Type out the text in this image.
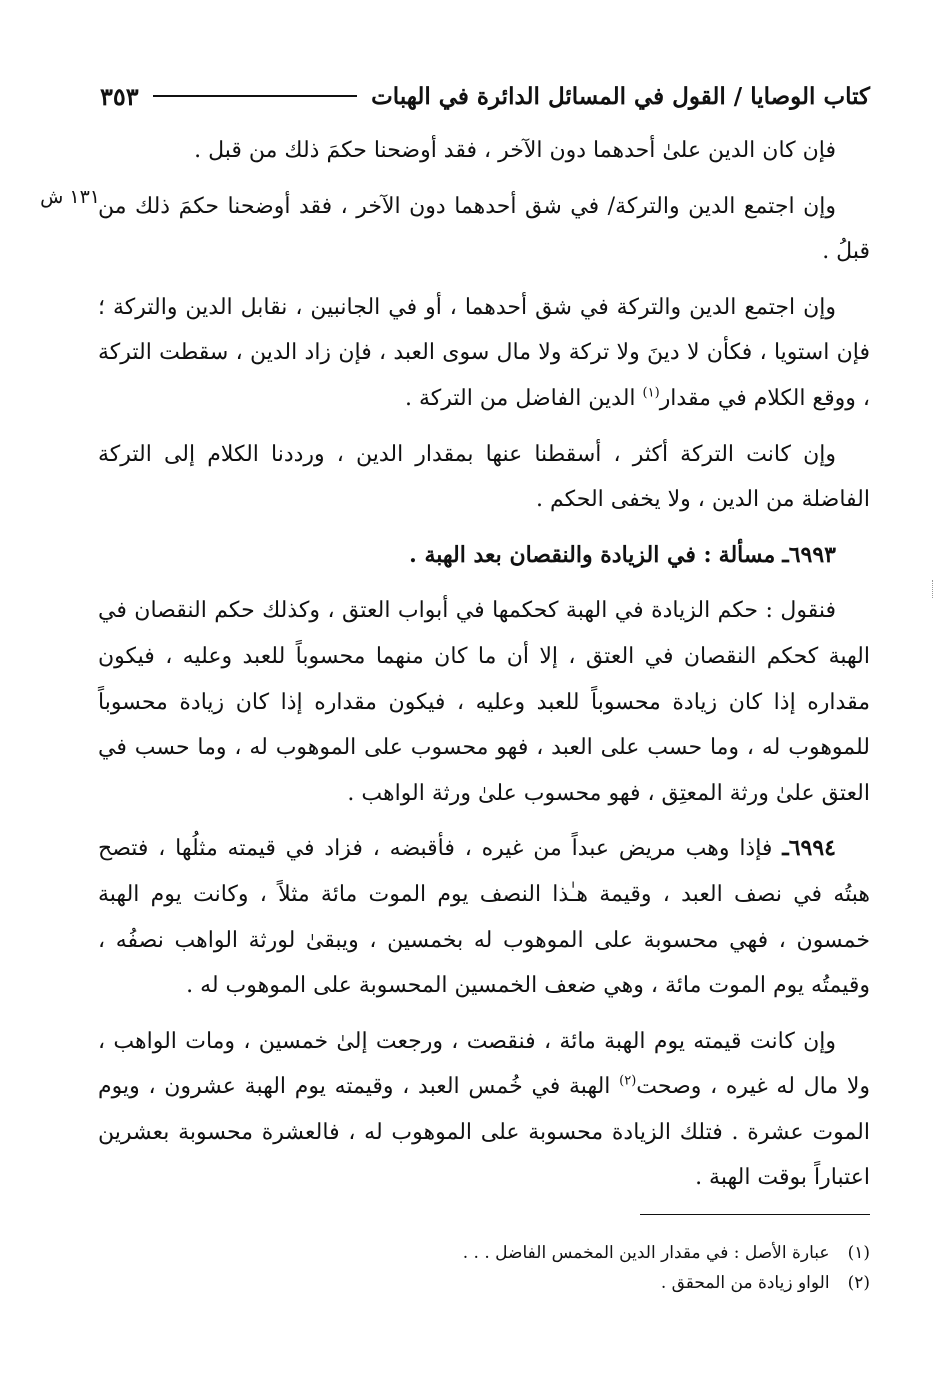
كتاب الوصايا / القول في المسائل الدائرة في الهبات
٣٥٣
١٣١ ش

فإن كان الدين علىٰ أحدهما دون الآخر ، فقد أوضحنا حكمَ ذلك من قبل .

وإن اجتمع الدين والتركة/ في شق أحدهما دون الآخر ، فقد أوضحنا حكمَ ذلك من قبلُ .

وإن اجتمع الدين والتركة في شق أحدهما ، أو في الجانبين ، نقابل الدين والتركة ؛ فإن استويا ، فكأن لا دينَ ولا تركة ولا مال سوى العبد ، فإن زاد الدين ، سقطت التركة ، ووقع الكلام في مقدار$^{(١)}$ الدين الفاضل من التركة .

وإن كانت التركة أكثر ، أسقطنا عنها بمقدار الدين ، ورددنا الكلام إلى التركة الفاضلة من الدين ، ولا يخفى الحكم .

٦٩٩٣ـ مسألة : في الزيادة والنقصان بعد الهبة .

فنقول : حكم الزيادة في الهبة كحكمها في أبواب العتق ، وكذلك حكم النقصان في الهبة كحكم النقصان في العتق ، إلا أن ما كان منهما محسوباً للعبد وعليه ، فيكون مقداره إذا كان زيادة محسوباً للعبد وعليه ، فيكون مقداره إذا كان زيادة محسوباً للموهوب له ، وما حسب على العبد ، فهو محسوب على الموهوب له ، وما حسب في العتق علىٰ ورثة المعتِق ، فهو محسوب علىٰ ورثة الواهب .

٦٩٩٤ـ فإذا وهب مريض عبداً من غيره ، فأقبضه ، فزاد في قيمته مثلُها ، فتصح هبتُه في نصف العبد ، وقيمة هـٰذا النصف يوم الموت مائة مثلاً ، وكانت يوم الهبة خمسون ، فهي محسوبة على الموهوب له بخمسين ، ويبقىٰ لورثة الواهب نصفُه ، وقيمتُه يوم الموت مائة ، وهي ضعف الخمسين المحسوبة على الموهوب له .

وإن كانت قيمته يوم الهبة مائة ، فنقصت ، ورجعت إلىٰ خمسين ، ومات الواهب ، ولا مال له غيره ، وصحت$^{(٢)}$ الهبة في خُمس العبد ، وقيمته يوم الهبة عشرون ، ويوم الموت عشرة . فتلك الزيادة محسوبة على الموهوب له ، فالعشرة محسوبة بعشرين اعتباراً بوقت الهبة .

(١)
عبارة الأصل : في مقدار الدين المخمس الفاضل . . .
(٢)
الواو زيادة من المحقق .
